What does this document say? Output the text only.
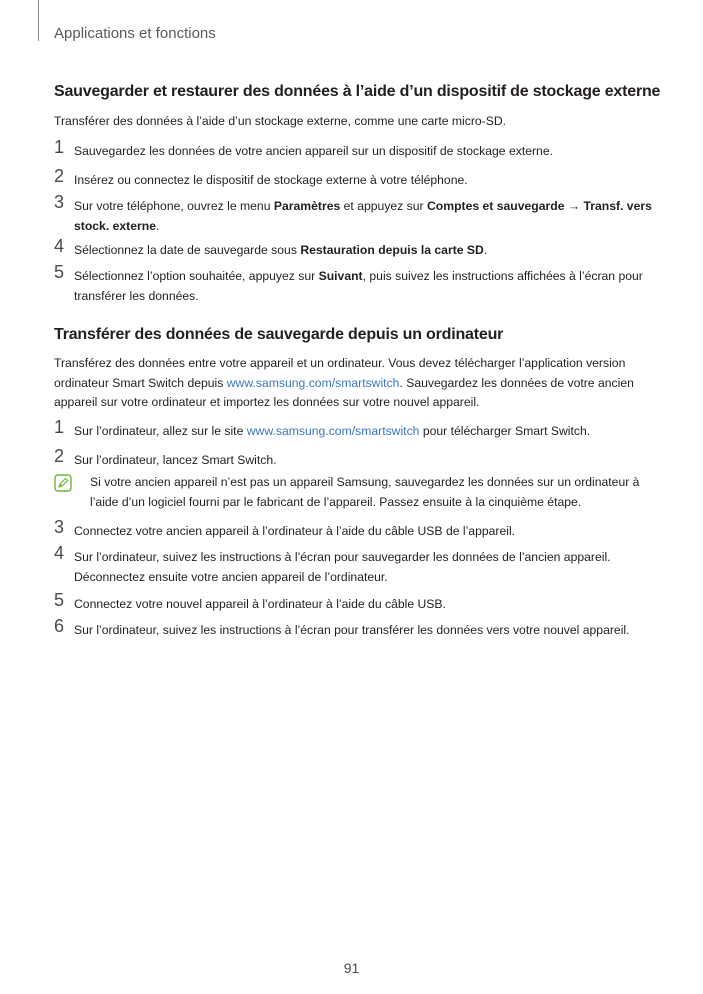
Applications et fonctions
Sauvegarder et restaurer des données à l’aide d’un dispositif de stockage externe
Transférer des données à l’aide d’un stockage externe, comme une carte micro-SD.
1 Sauvegardez les données de votre ancien appareil sur un dispositif de stockage externe.
2 Insérez ou connectez le dispositif de stockage externe à votre téléphone.
3 Sur votre téléphone, ouvrez le menu Paramètres et appuyez sur Comptes et sauvegarde → Transf. vers stock. externe.
4 Sélectionnez la date de sauvegarde sous Restauration depuis la carte SD.
5 Sélectionnez l’option souhaitée, appuyez sur Suivant, puis suivez les instructions affichées à l’écran pour transférer les données.
Transférer des données de sauvegarde depuis un ordinateur
Transférez des données entre votre appareil et un ordinateur. Vous devez télécharger l’application version ordinateur Smart Switch depuis www.samsung.com/smartswitch. Sauvegardez les données de votre ancien appareil sur votre ordinateur et importez les données sur votre nouvel appareil.
1 Sur l’ordinateur, allez sur le site www.samsung.com/smartswitch pour télécharger Smart Switch.
2 Sur l’ordinateur, lancez Smart Switch.
Si votre ancien appareil n’est pas un appareil Samsung, sauvegardez les données sur un ordinateur à l’aide d’un logiciel fourni par le fabricant de l’appareil. Passez ensuite à la cinquième étape.
3 Connectez votre ancien appareil à l’ordinateur à l’aide du câble USB de l’appareil.
4 Sur l’ordinateur, suivez les instructions à l’écran pour sauvegarder les données de l’ancien appareil. Déconnectez ensuite votre ancien appareil de l’ordinateur.
5 Connectez votre nouvel appareil à l’ordinateur à l’aide du câble USB.
6 Sur l’ordinateur, suivez les instructions à l’écran pour transférer les données vers votre nouvel appareil.
91
